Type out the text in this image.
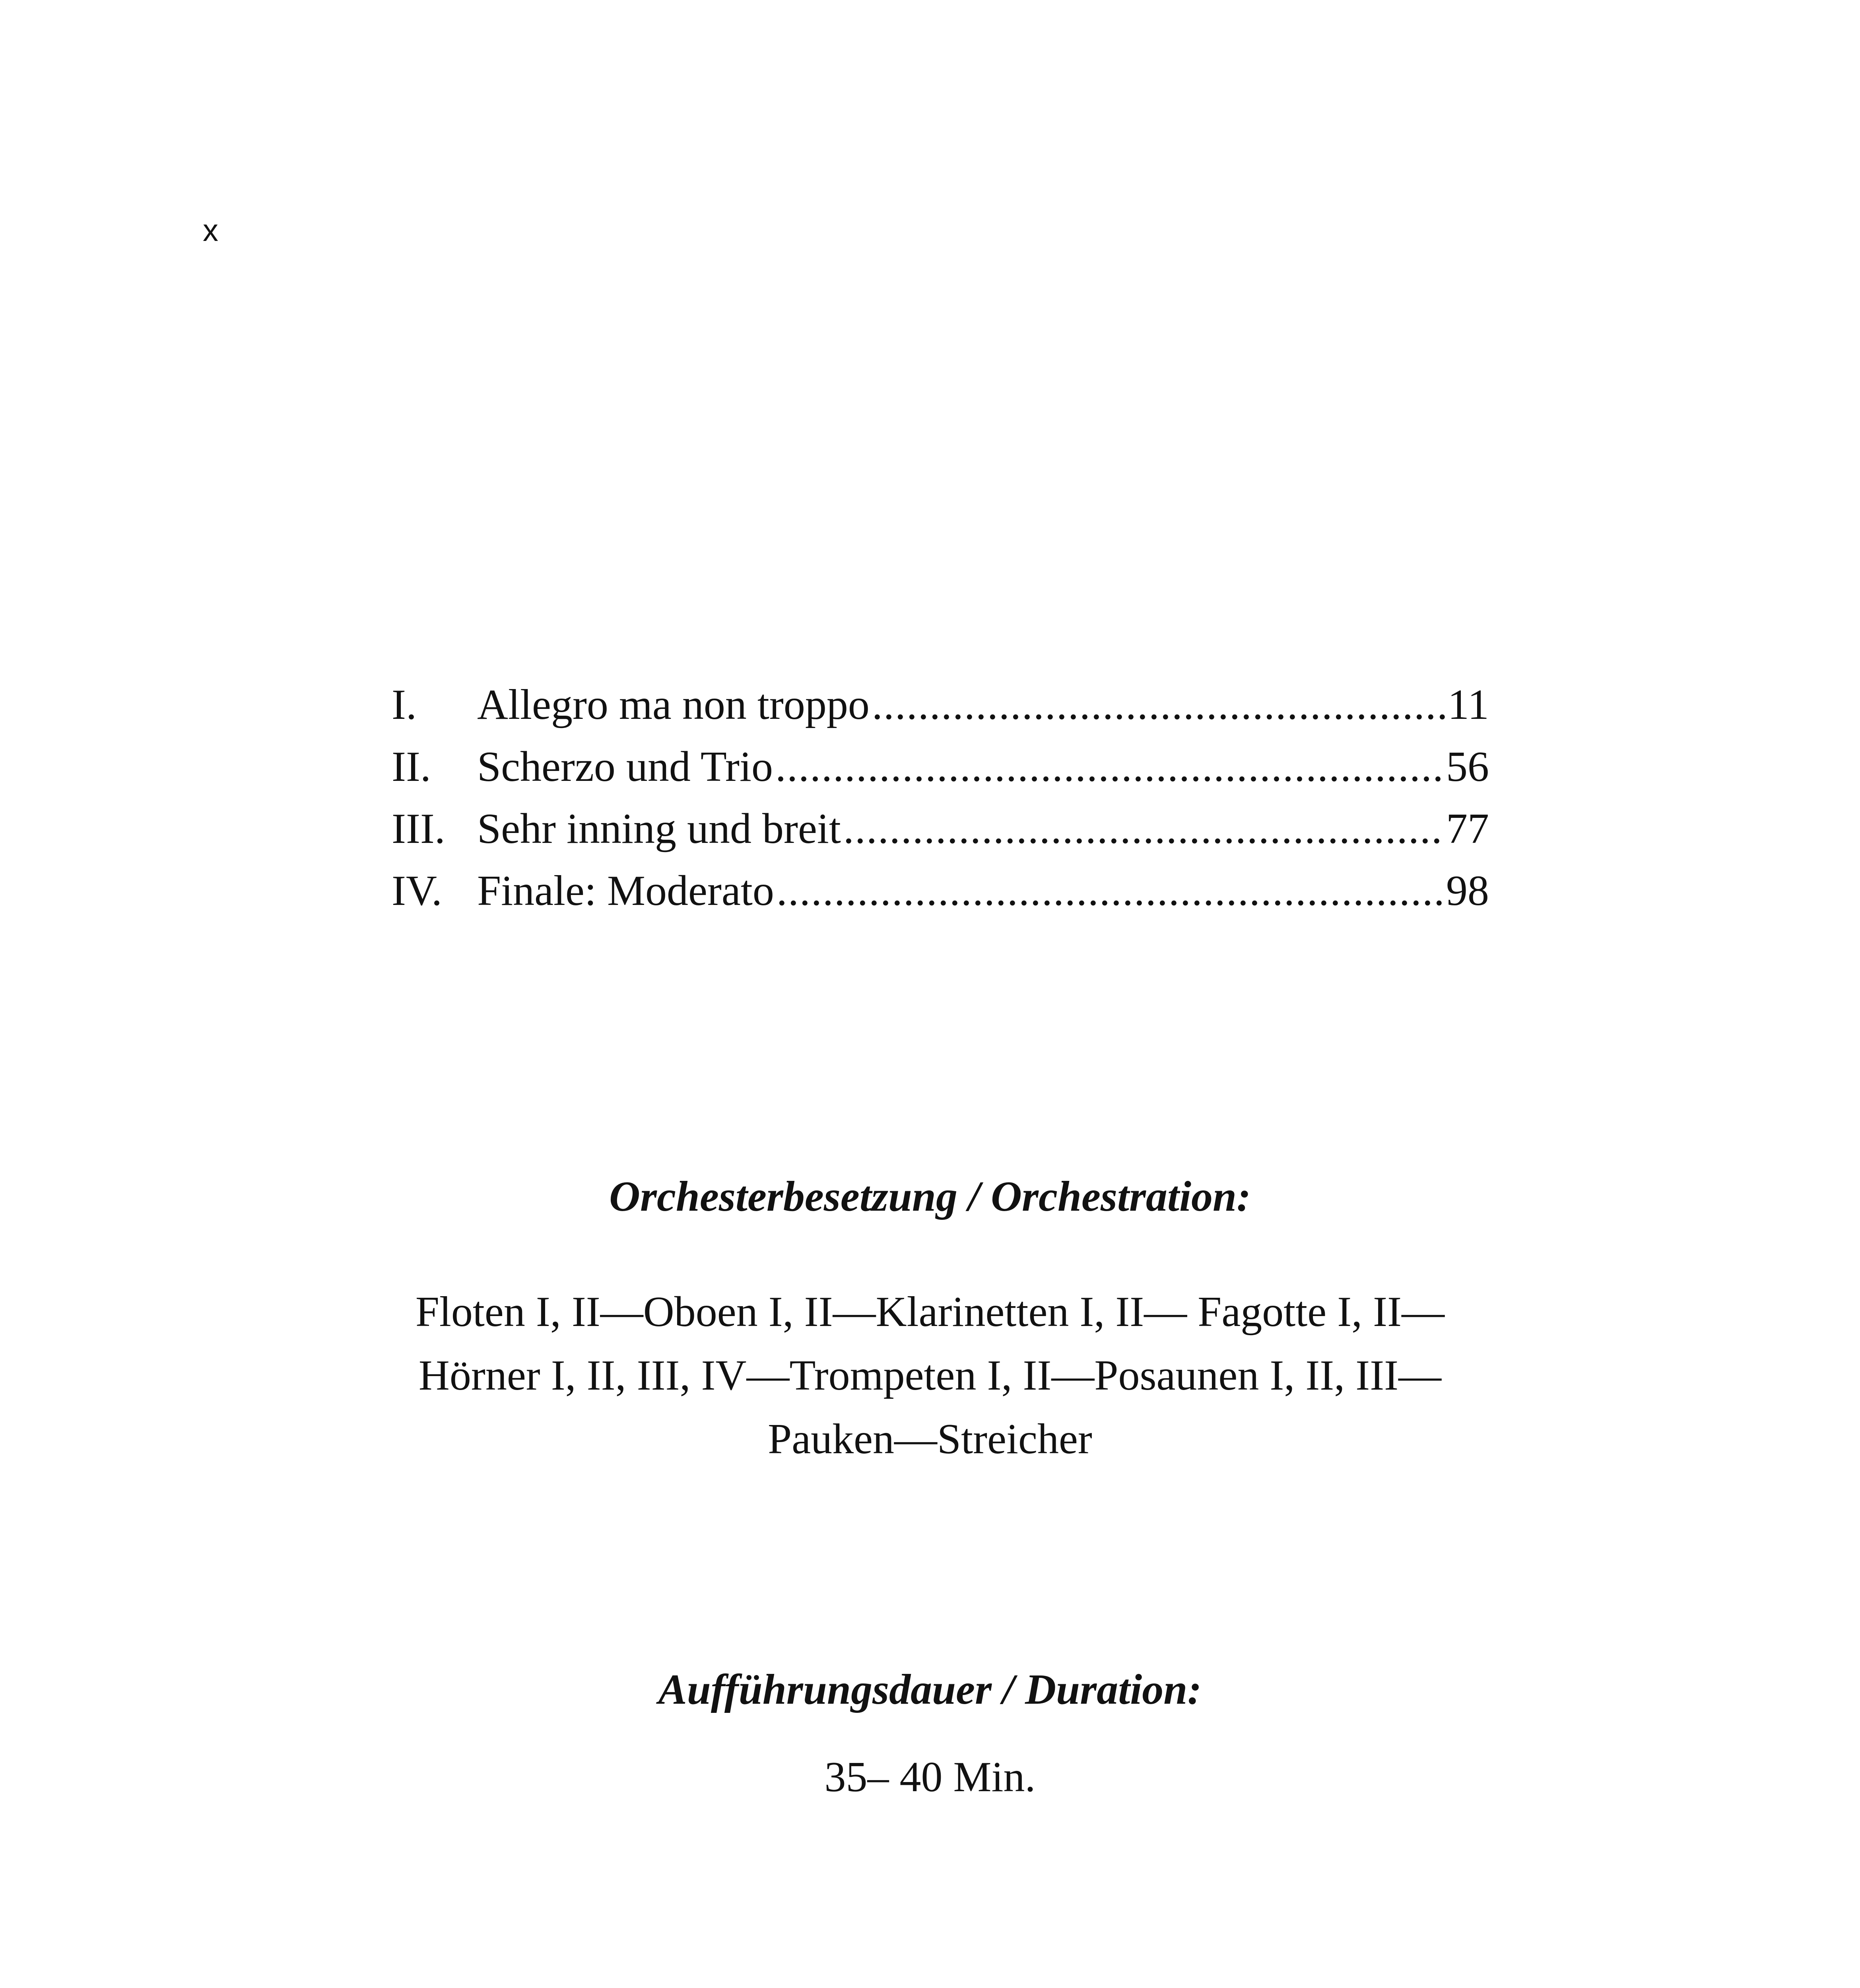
x
I.	Allegro ma non troppo .....	11
II.	Scherzo und Trio .....	56
III. Sehr inning und breit .....	77
IV. Finale: Moderato .....	98
Orchesterbesetzung / Orchestration:
Floten I, II—Oboen I, II—Klarinetten I, II— Fagotte I, II—
Hörner I, II, III, IV—Trompeten I, II—Posaunen I, II, III—
Pauken—Streicher
Aufführungsdauer / Duration:
35– 40 Min.
